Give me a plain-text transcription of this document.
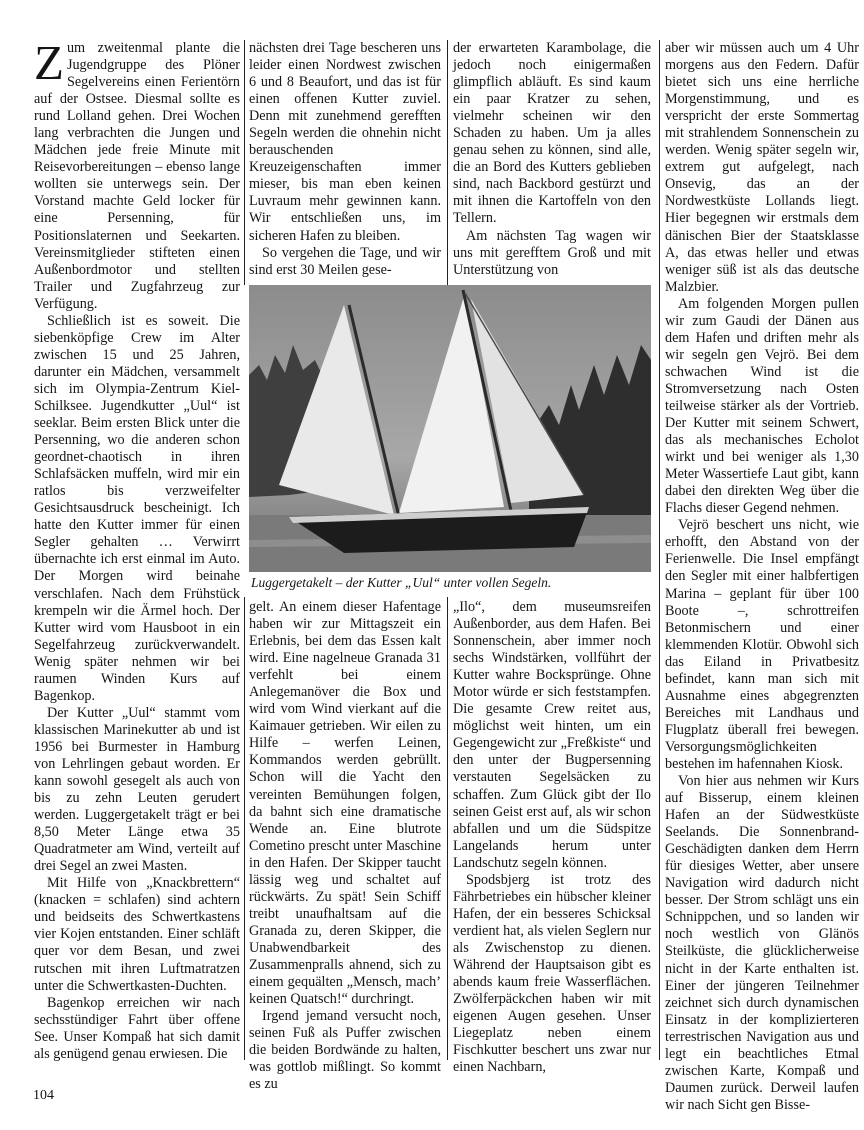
Zum zweitenmal plante die Jugendgruppe des Plöner Segelvereins einen Ferientörn auf der Ostsee. Diesmal sollte es rund Lolland gehen. Drei Wochen lang verbrachten die Jungen und Mädchen jede freie Minute mit Reisevorbereitungen – ebenso lange wollten sie unterwegs sein. Der Vorstand machte Geld locker für eine Persenning, für Positionslaternen und Seekarten. Vereinsmitglieder stifteten einen Außenbordmotor und stellten Trailer und Zugfahrzeug zur Verfügung.

Schließlich ist es soweit. Die siebenköpfige Crew im Alter zwischen 15 und 25 Jahren, darunter ein Mädchen, versammelt sich im Olympia-Zentrum Kiel-Schilksee. Jugendkutter „Uul“ ist seeklar. Beim ersten Blick unter die Persenning, wo die anderen schon geordnet-chaotisch in ihren Schlafsäcken muffeln, wird mir ein ratlos bis verzweifelter Gesichtsausdruck bescheinigt. Ich hatte den Kutter immer für einen Segler gehalten … Verwirrt übernachte ich erst einmal im Auto. Der Morgen wird beinahe verschlafen. Nach dem Frühstück krempeln wir die Ärmel hoch. Der Kutter wird vom Hausboot in ein Segelfahrzeug zurückverwandelt. Wenig später nehmen wir bei raumen Winden Kurs auf Bagenkop.

Der Kutter „Uul“ stammt vom klassischen Marinekutter ab und ist 1956 bei Burmester in Hamburg von Lehrlingen gebaut worden. Er kann sowohl gesegelt als auch von bis zu zehn Leuten gerudert werden. Luggergetakelt trägt er bei 8,50 Meter Länge etwa 35 Quadratmeter am Wind, verteilt auf drei Segel an zwei Masten.

Mit Hilfe von „Knackbrettern“ (knacken = schlafen) sind achtern und beidseits des Schwertkastens vier Kojen entstanden. Einer schläft quer vor dem Besan, und zwei rutschen mit ihren Luftmatratzen unter die Schwertkasten-Duchten.

Bagenkop erreichen wir nach sechsstündiger Fahrt über offene See. Unser Kompaß hat sich damit als genügend genau erwiesen. Die

nächsten drei Tage bescheren uns leider einen Nordwest zwischen 6 und 8 Beaufort, und das ist für einen offenen Kutter zuviel. Denn mit zunehmend gerefften Segeln werden die ohnehin nicht berauschenden Kreuzeigenschaften immer mieser, bis man eben keinen Luvraum mehr gewinnen kann. Wir entschließen uns, im sicheren Hafen zu bleiben.

So vergehen die Tage, und wir sind erst 30 Meilen gese-

der erwarteten Karambolage, die jedoch noch einigermaßen glimpflich abläuft. Es sind kaum ein paar Kratzer zu sehen, vielmehr scheinen wir den Schaden zu haben. Um ja alles genau sehen zu können, sind alle, die an Bord des Kutters geblieben sind, nach Backbord gestürzt und mit ihnen die Kartoffeln von den Tellern.

Am nächsten Tag wagen wir uns mit gerefftem Groß und mit Unterstützung von

aber wir müssen auch um 4 Uhr morgens aus den Federn. Dafür bietet sich uns eine herrliche Morgenstimmung, und es verspricht der erste Sommertag mit strahlendem Sonnenschein zu werden. Wenig später segeln wir, extrem gut aufgelegt, nach Onsevig, das an der Nordwestküste Lollands liegt. Hier begegnen wir erstmals dem dänischen Bier der Staatsklasse A, das etwas heller und etwas weniger süß ist als das deutsche Malzbier.

Am folgenden Morgen pullen wir zum Gaudi der Dänen aus dem Hafen und driften mehr als wir segeln gen Vejrö. Bei dem schwachen Wind ist die Stromversetzung nach Osten teilweise stärker als der Vortrieb. Der Kutter mit seinem Schwert, das als mechanisches Echolot wirkt und bei weniger als 1,30 Meter Wassertiefe Laut gibt, kann dabei den direkten Weg über die Flachs dieser Gegend nehmen.

Vejrö beschert uns nicht, wie erhofft, den Abstand von der Ferienwelle. Die Insel empfängt den Segler mit einer halbfertigen Marina – geplant für über 100 Boote –, schrottreifen Betonmischern und einer klemmenden Klotür. Obwohl sich das Eiland in Privatbesitz befindet, kann man sich mit Ausnahme eines abgegrenzten Bereiches mit Landhaus und Flugplatz überall frei bewegen. Versorgungsmöglichkeiten bestehen im hafennahen Kiosk.

Von hier aus nehmen wir Kurs auf Bisserup, einem kleinen Hafen an der Südwestküste Seelands. Die Sonnenbrand-Geschädigten danken dem Herrn für diesiges Wetter, aber unsere Navigation wird dadurch nicht besser. Der Strom schlägt uns ein Schnippchen, und so landen wir noch westlich von Glänös Steilküste, die glücklicherweise nicht in der Karte enthalten ist. Einer der jüngeren Teilnehmer zeichnet sich durch dynamischen Einsatz in der komplizierteren terrestrischen Navigation aus und legt ein beachtliches Etmal zwischen Karte, Kompaß und Daumen zurück. Derweil laufen wir nach Sicht gen Bisse-

Luggergetakelt – der Kutter „Uul“ unter vollen Segeln.

gelt. An einem dieser Hafentage haben wir zur Mittagszeit ein Erlebnis, bei dem das Essen kalt wird. Eine nagelneue Granada 31 verfehlt bei einem Anlegemanöver die Box und wird vom Wind vierkant auf die Kaimauer getrieben. Wir eilen zu Hilfe – werfen Leinen, Kommandos werden gebrüllt. Schon will die Yacht den vereinten Bemühungen folgen, da bahnt sich eine dramatische Wende an. Eine blutrote Cometino prescht unter Maschine in den Hafen. Der Skipper taucht lässig weg und schaltet auf rückwärts. Zu spät! Sein Schiff treibt unaufhaltsam auf die Granada zu, deren Skipper, die Unabwendbarkeit des Zusammenpralls ahnend, sich zu einem gequälten „Mensch, mach’ keinen Quatsch!“ durchringt.

Irgend jemand versucht noch, seinen Fuß als Puffer zwischen die beiden Bordwände zu halten, was gottlob mißlingt. So kommt es zu

„Ilo“, dem museumsreifen Außenborder, aus dem Hafen. Bei Sonnenschein, aber immer noch sechs Windstärken, vollführt der Kutter wahre Bocksprünge. Ohne Motor würde er sich feststampfen. Die gesamte Crew reitet aus, möglichst weit hinten, um ein Gegengewicht zur „Freßkiste“ und den unter der Bugpersenning verstauten Segelsäcken zu schaffen. Zum Glück gibt der Ilo seinen Geist erst auf, als wir schon abfallen und um die Südspitze Langelands herum unter Landschutz segeln können.

Spodsbjerg ist trotz des Fährbetriebes ein hübscher kleiner Hafen, der ein besseres Schicksal verdient hat, als vielen Seglern nur als Zwischenstop zu dienen. Während der Hauptsaison gibt es abends kaum freie Wasserflächen. Zwölferpäckchen haben wir mit eigenen Augen gesehen. Unser Liegeplatz neben einem Fischkutter beschert uns zwar nur einen Nachbarn,

104
